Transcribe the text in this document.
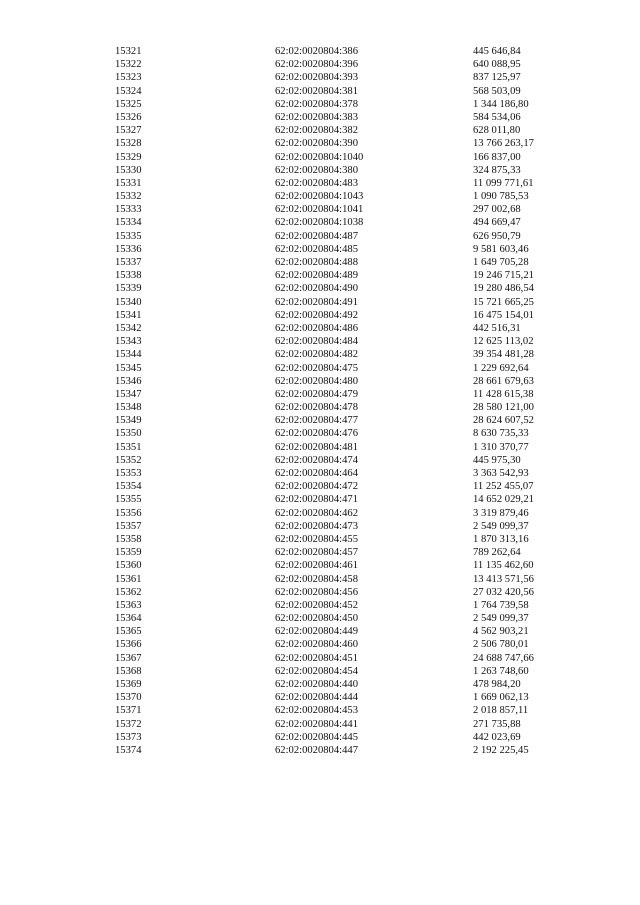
15321	62:02:0020804:386	445 646,84
15322	62:02:0020804:396	640 088,95
15323	62:02:0020804:393	837 125,97
15324	62:02:0020804:381	568 503,09
15325	62:02:0020804:378	1 344 186,80
15326	62:02:0020804:383	584 534,06
15327	62:02:0020804:382	628 011,80
15328	62:02:0020804:390	13 766 263,17
15329	62:02:0020804:1040	166 837,00
15330	62:02:0020804:380	324 875,33
15331	62:02:0020804:483	11 099 771,61
15332	62:02:0020804:1043	1 090 785,53
15333	62:02:0020804:1041	297 002,68
15334	62:02:0020804:1038	494 669,47
15335	62:02:0020804:487	626 950,79
15336	62:02:0020804:485	9 581 603,46
15337	62:02:0020804:488	1 649 705,28
15338	62:02:0020804:489	19 246 715,21
15339	62:02:0020804:490	19 280 486,54
15340	62:02:0020804:491	15 721 665,25
15341	62:02:0020804:492	16 475 154,01
15342	62:02:0020804:486	442 516,31
15343	62:02:0020804:484	12 625 113,02
15344	62:02:0020804:482	39 354 481,28
15345	62:02:0020804:475	1 229 692,64
15346	62:02:0020804:480	28 661 679,63
15347	62:02:0020804:479	11 428 615,38
15348	62:02:0020804:478	28 580 121,00
15349	62:02:0020804:477	28 624 607,52
15350	62:02:0020804:476	8 630 735,33
15351	62:02:0020804:481	1 310 370,77
15352	62:02:0020804:474	445 975,30
15353	62:02:0020804:464	3 363 542,93
15354	62:02:0020804:472	11 252 455,07
15355	62:02:0020804:471	14 652 029,21
15356	62:02:0020804:462	3 319 879,46
15357	62:02:0020804:473	2 549 099,37
15358	62:02:0020804:455	1 870 313,16
15359	62:02:0020804:457	789 262,64
15360	62:02:0020804:461	11 135 462,60
15361	62:02:0020804:458	13 413 571,56
15362	62:02:0020804:456	27 032 420,56
15363	62:02:0020804:452	1 764 739,58
15364	62:02:0020804:450	2 549 099,37
15365	62:02:0020804:449	4 562 903,21
15366	62:02:0020804:460	2 506 780,01
15367	62:02:0020804:451	24 688 747,66
15368	62:02:0020804:454	1 263 748,60
15369	62:02:0020804:440	478 984,20
15370	62:02:0020804:444	1 669 062,13
15371	62:02:0020804:453	2 018 857,11
15372	62:02:0020804:441	271 735,88
15373	62:02:0020804:445	442 023,69
15374	62:02:0020804:447	2 192 225,45
